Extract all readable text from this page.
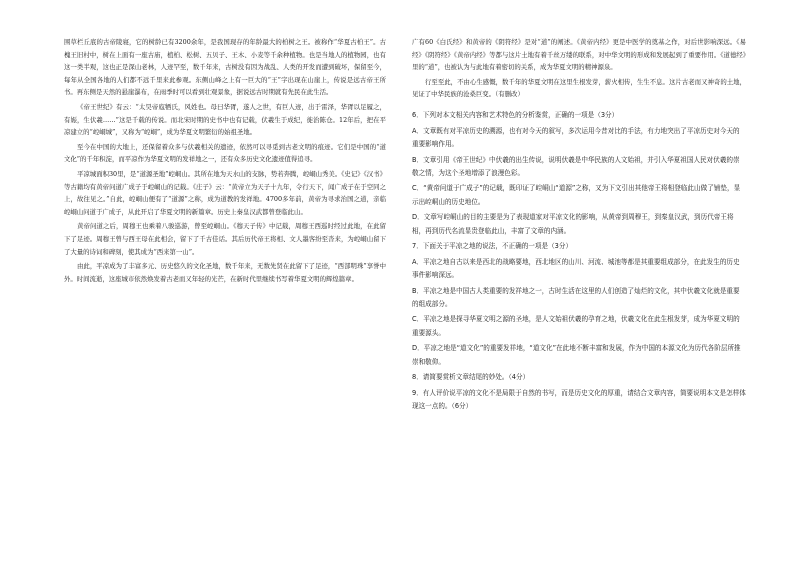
围草栏丘底的古帝陵寝，它的树龄已有3200余年，是我国现存的年龄最大的柏树之王。被称作“华夏古柏王”。古槐王旧村中，树在上面有一座古庙，植柏、松树、五贝子、王木、小麦等千余种植物。也是当地人的植物园，也有这一类半观，这也正是深山老林，人迹罕至，数千年来，古树没有因为战乱、人类的开发而遭到破坏，保留至今，每年从全国各地的人们都不远千里来此参观。东侧山峰之上有一巨大的“王”字出现在山崖上，传说是远古帝王所书。再东侧是天然的悬崖瀑布，在雨季时可以看到壮观景象，据说远古时期就有先民在此生活。

《帝王世纪》有云：“太昊帝庖牺氏，风姓也。母曰华胥，遂人之世，有巨人迹，出于雷泽，华胥以足履之，有娠，生伏羲……”这是千载的传说。而北宋时期的史书中也有记载，伏羲生于成纪，徙治陈仓。12年后，把在平凉建立的“崆峒城”，又称为“崆峒”，成为华夏文明繁衍的始祖圣地。

至今在中国的大地上，还保留着众多与伏羲相关的遗迹，依然可以寻觅到古老文明的痕迹。它们是中国的“道文化”的千年积淀，而平凉作为华夏文明的发祥地之一，还有众多历史文化遗迹值得追寻。

平凉城面积30里，是“道源圣地”崆峒山。其所在地为天水山的支脉，势若奔腾，崆峒山秀美。《史记》《汉书》等古籍均有黄帝问道广成子于崆峒山的记载。《庄子》云：“黄帝立为天子十九年，令行天下，闻广成子在于空同之上，故往见之。”自此，崆峒山便有了“道源”之称，成为道教的发祥地。4700多年前，黄帝为寻求治国之道，亲临崆峒山问道于广成子，从此开启了华夏文明的新篇章。历史上秦皇汉武都曾登临此山。

黄帝问道之后，周穆王也乘着八骏巡游，曾至崆峒山。《穆天子传》中记载，周穆王西巡时经过此地，在此留下了足迹。周穆王曾与西王母在此相会，留下了千古佳话。其后历代帝王将相、文人墨客纷至沓来，为崆峒山留下了大量的诗词和碑刻，使其成为“西来第一山”。

由此，平凉成为了丰富多元、历史悠久的文化圣地，数千年来，无数先贤在此留下了足迹，“西部明珠”享誉中外。时间流逝，这座城市依然焕发着古老而又年轻的光芒，在新时代里继续书写着华夏文明的辉煌篇章。

广有60《白氏经》和黄帝的《阴符经》是对“道”的阐述。《黄帝内经》更是中医学的奠基之作，对后世影响深远。《易经》《阴符经》《黄帝内经》等都与这片土地有着千丝万缕的联系，对中华文明的形成和发展起到了重要作用。《道德经》里的“道”，也被认为与此地有着密切的关系，成为华夏文明的精神源泉。

行至至此，不由心生感慨，数千年的华夏文明在这里生根发芽，薪火相传，生生不息。这片古老而又神奇的土地，见证了中华民族的沧桑巨变。（有删改）

6．下列对本文相关内容和艺术特色的分析鉴赏，正确的一项是（3分）

A．文章既有对平凉历史的溯源，也有对今天的叙写，多次运用今昔对比的手法，有力地突出了平凉历史对今天的重要影响作用。

B．文章引用《帝王世纪》中伏羲的出生传说，说明伏羲是中华民族的人文始祖，并引入华夏祖国人民对伏羲的崇敬之情，为这个圣地增添了浪漫色彩。

C．“黄帝问道于广成子”的记载，既印证了崆峒山“道源”之称，又为下文引出其他帝王将相登临此山做了铺垫，显示出崆峒山的历史地位。

D．文章写崆峒山的目的主要是为了表现道家对平凉文化的影响，从黄帝到周穆王，到秦皇汉武，到历代帝王将相，再到历代名流显贵登临此山，丰富了文章的内涵。

7．下面关于平凉之地的说法，不正确的一项是（3分）

A．平凉之地自古以来是西北的战略要地，西北地区的山川、河流、城池等都是其重要组成部分，在此发生的历史事件影响深远。

B．平凉之地是中国古人类重要的发祥地之一，古时生活在这里的人们创造了灿烂的文化，其中伏羲文化就是重要的组成部分。

C．平凉之地是探寻华夏文明之源的圣地，是人文始祖伏羲的孕育之地，伏羲文化在此生根发芽，成为华夏文明的重要源头。

D．平凉之地是“道文化”的重要发祥地，“道文化”在此地不断丰富和发展，作为中国的本源文化为历代各阶层所推崇和敬仰。

8．请简要赏析文章结尾的妙处。（4分）

9．有人评价说平凉的文化不是局限于自然的书写，而是历史文化的厚重，请结合文章内容，简要说明本文是怎样体现这一点的。（6分）
